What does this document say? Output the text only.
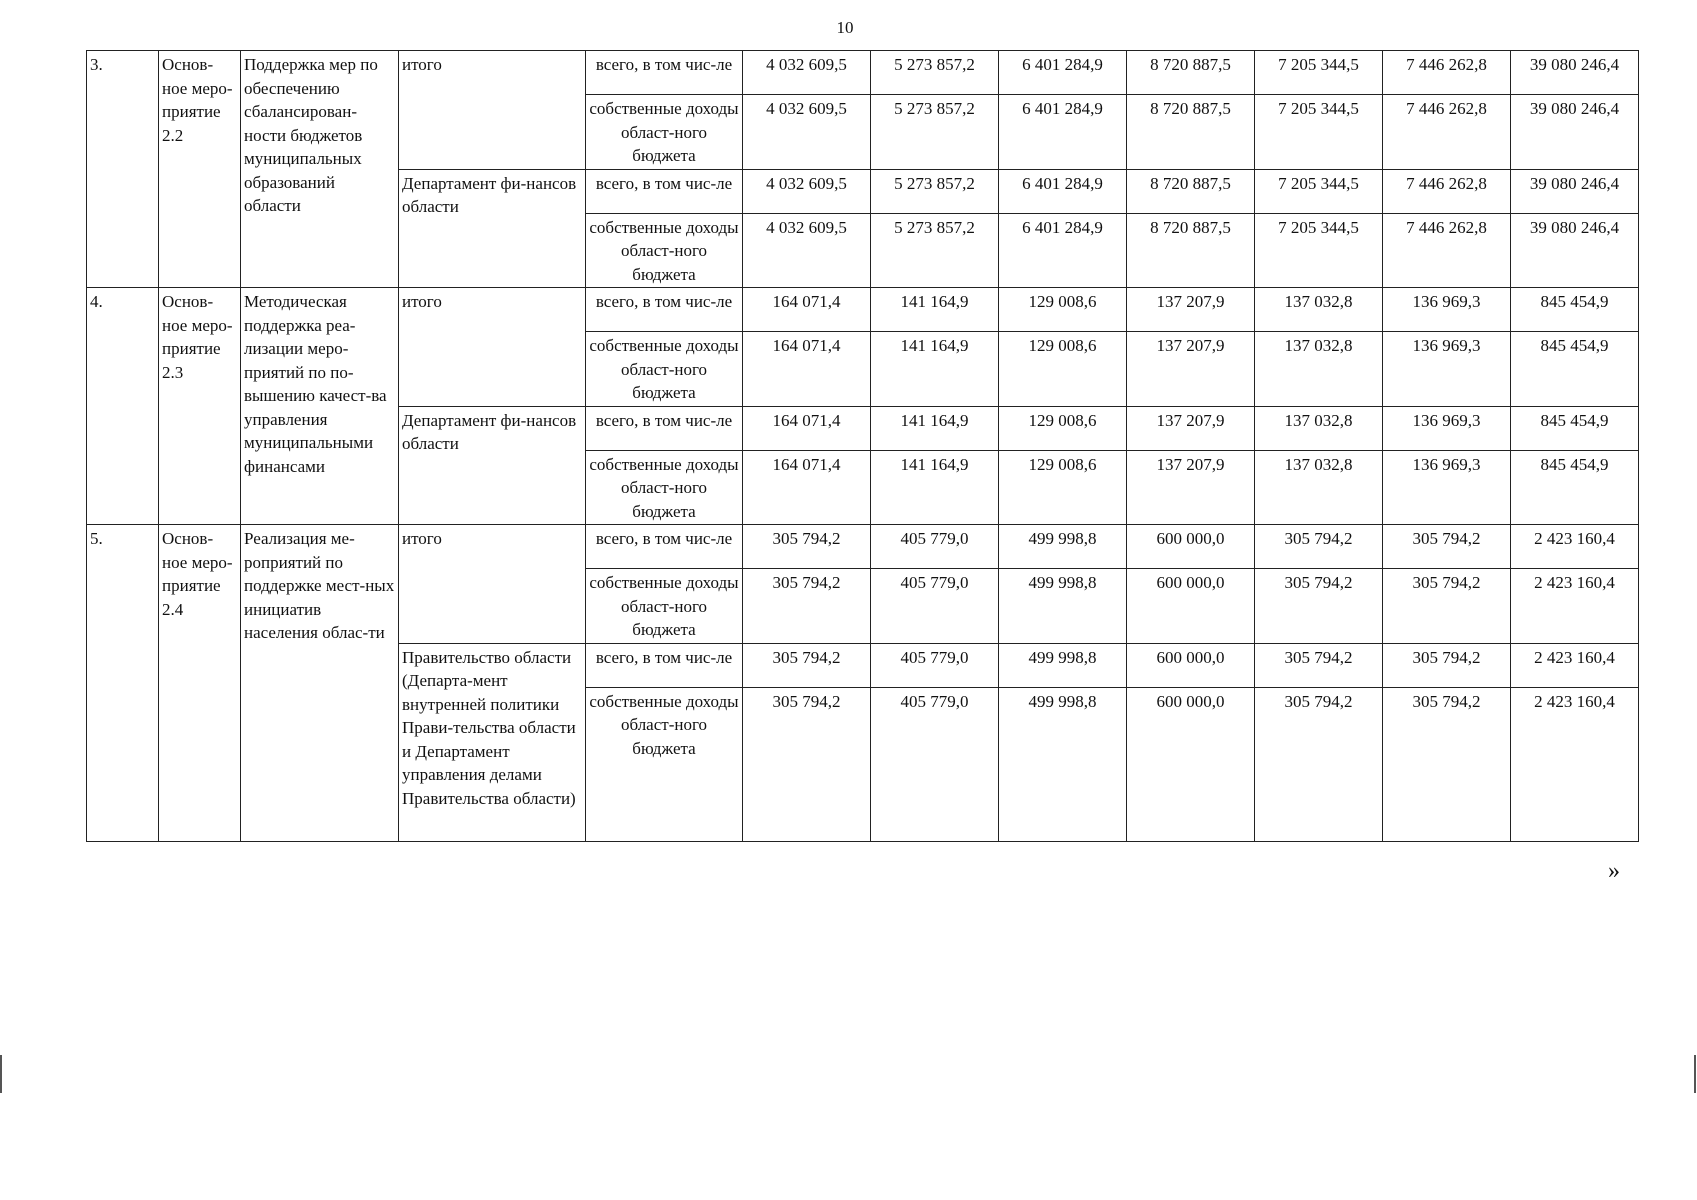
10
3.	Основ-ное меро-приятие 2.2	Поддержка мер по обеспечению сбалансирован-ности бюджетов муниципальных образований области	итого	всего, в том чис-ле	4 032 609,5	5 273 857,2	6 401 284,9	8 720 887,5	7 205 344,5	7 446 262,8	39 080 246,4
				собственные доходы област-ного бюджета	4 032 609,5	5 273 857,2	6 401 284,9	8 720 887,5	7 205 344,5	7 446 262,8	39 080 246,4
			Департамент фи-нансов области	всего, в том чис-ле	4 032 609,5	5 273 857,2	6 401 284,9	8 720 887,5	7 205 344,5	7 446 262,8	39 080 246,4
				собственные доходы област-ного бюджета	4 032 609,5	5 273 857,2	6 401 284,9	8 720 887,5	7 205 344,5	7 446 262,8	39 080 246,4
4.	Основ-ное меро-приятие 2.3	Методическая поддержка реа-лизации меро-приятий по по-вышению качест-ва управления муниципальными финансами	итого	всего, в том чис-ле	164 071,4	141 164,9	129 008,6	137 207,9	137 032,8	136 969,3	845 454,9
				собственные доходы област-ного бюджета	164 071,4	141 164,9	129 008,6	137 207,9	137 032,8	136 969,3	845 454,9
			Департамент фи-нансов области	всего, в том чис-ле	164 071,4	141 164,9	129 008,6	137 207,9	137 032,8	136 969,3	845 454,9
				собственные доходы област-ного бюджета	164 071,4	141 164,9	129 008,6	137 207,9	137 032,8	136 969,3	845 454,9
5.	Основ-ное меро-приятие 2.4	Реализация ме-роприятий по поддержке мест-ных инициатив населения облас-ти	итого	всего, в том чис-ле	305 794,2	405 779,0	499 998,8	600 000,0	305 794,2	305 794,2	2 423 160,4
				собственные доходы област-ного бюджета	305 794,2	405 779,0	499 998,8	600 000,0	305 794,2	305 794,2	2 423 160,4
			Правительство области (Департа-мент внутренней политики Прави-тельства области и Департамент управления делами Правительства области)	всего, в том чис-ле	305 794,2	405 779,0	499 998,8	600 000,0	305 794,2	305 794,2	2 423 160,4
				собственные доходы област-ного бюджета	305 794,2	405 779,0	499 998,8	600 000,0	305 794,2	305 794,2	2 423 160,4
»
